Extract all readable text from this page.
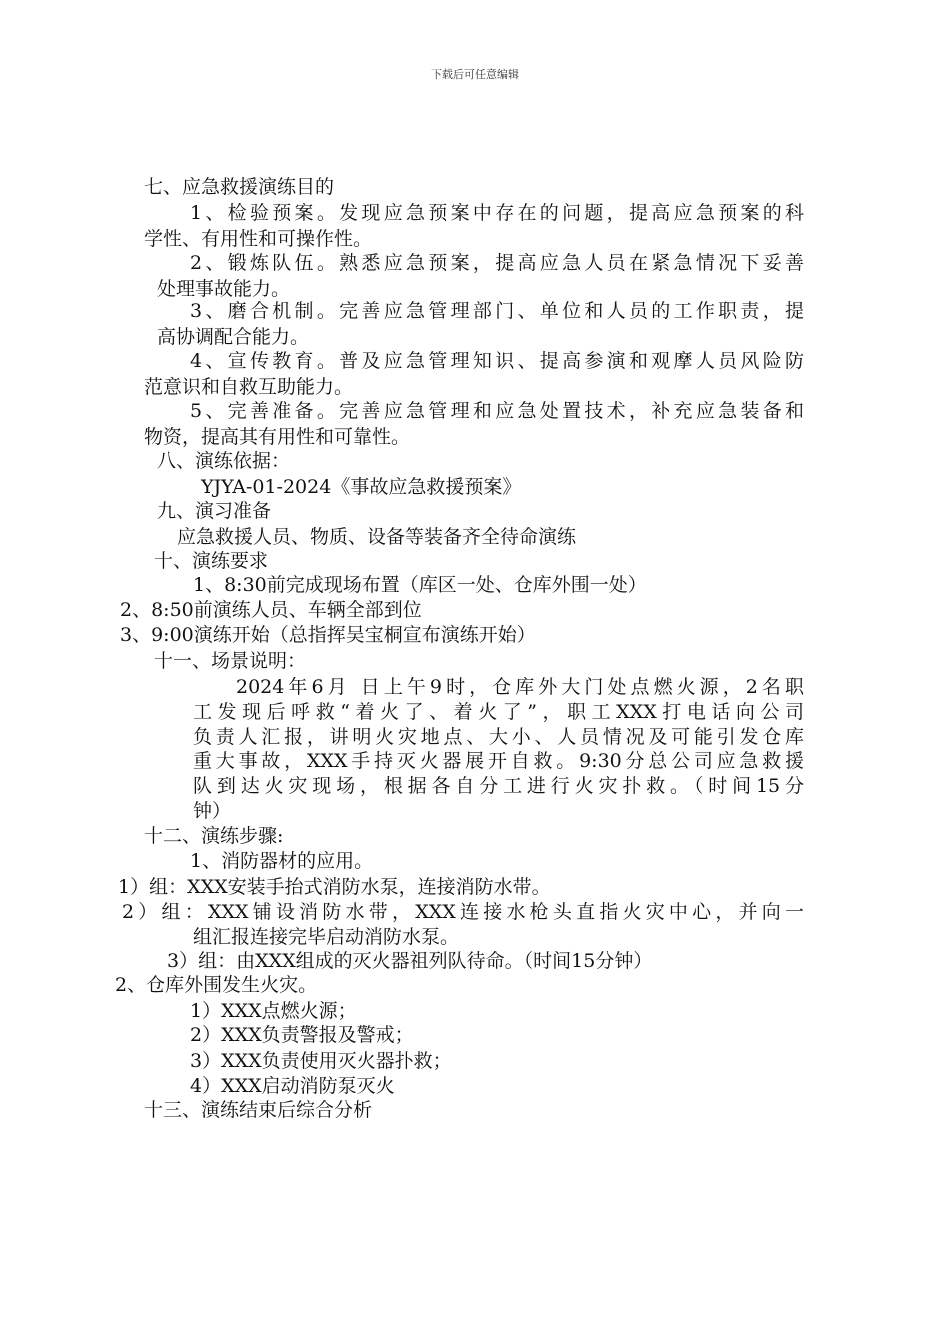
下载后可任意编辑
七、应急救援演练目的
1、检验预案。发现应急预案中存在的问题，提高应急预案的科
学性、有用性和可操作性。
2、锻炼队伍。熟悉应急预案，提高应急人员在紧急情况下妥善
处理事故能力。
3、磨合机制。完善应急管理部门、单位和人员的工作职责，提
高协调配合能力。
4、宣传教育。普及应急管理知识、提高参演和观摩人员风险防
范意识和自救互助能力。
5、完善准备。完善应急管理和应急处置技术，补充应急装备和
物资，提高其有用性和可靠性。
八、演练依据：
YJYA-01-2024《事故应急救援预案》
九、演习准备
应急救援人员、物质、设备等装备齐全待命演练
十、演练要求
1、8:30前完成现场布置（库区一处、仓库外围一处）
2、8:50前演练人员、车辆全部到位
3、9:00演练开始（总指挥吴宝桐宣布演练开始）
十一、场景说明：
2024年6月 日上午9时，仓库外大门处点燃火源，2名职
工发现后呼救“着火了、着火了”，职工XXX打电话向公司
负责人汇报，讲明火灾地点、大小、人员情况及可能引发仓库
重大事故，XXX手持灭火器展开自救。9:30分总公司应急救援
队到达火灾现场，根据各自分工进行火灾扑救。（时间15分
钟）
十二、演练步骤:
1、消防器材的应用。
1）组：XXX安装手抬式消防水泵，连接消防水带。
2）组：XXX铺设消防水带，XXX连接水枪头直指火灾中心，并向一
组汇报连接完毕启动消防水泵。
3）组：由XXX组成的灭火器祖列队待命。（时间15分钟）
2、仓库外围发生火灾。
1）XXX点燃火源；
2）XXX负责警报及警戒；
3）XXX负责使用灭火器扑救；
4）XXX启动消防泵灭火
十三、演练结束后综合分析
